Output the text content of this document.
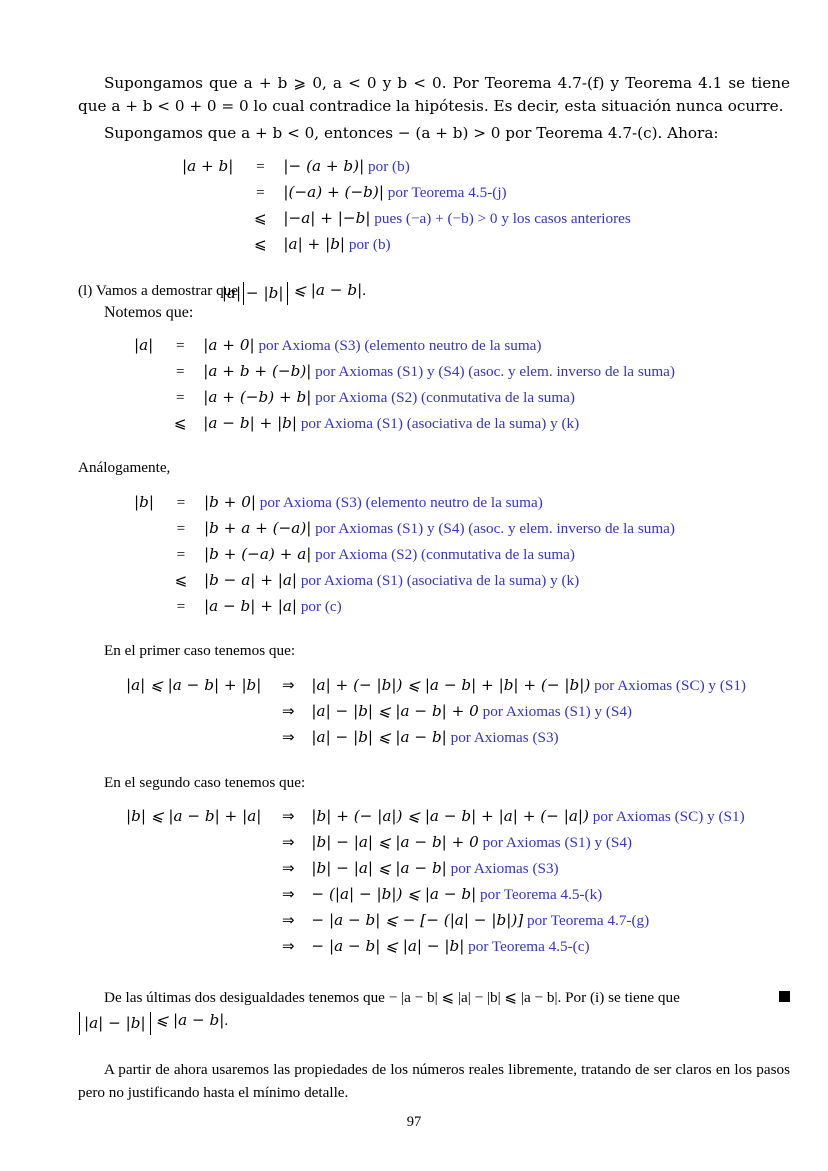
Supongamos que a + b ⩾ 0, a < 0 y b < 0. Por Teorema 4.7-(f) y Teorema 4.1 se tiene que a + b < 0 + 0 = 0 lo cual contradice la hipótesis. Es decir, esta situación nunca ocurre.

Supongamos que a + b < 0, entonces − (a + b) > 0 por Teorema 4.7-(c). Ahora:

|a + b|	=	|− (a + b)| por (b)
	=	|(−a) + (−b)| por Teorema 4.5-(j)
	⩽	|−a| + |−b| pues (−a) + (−b) > 0 y los casos anteriores
	⩽	|a| + |b| por (b)
(l) Vamos a demostrar que |a| − |b| ⩽ |a − b|.
Notemos que:
|a|	=	|a + 0| por Axioma (S3) (elemento neutro de la suma)
	=	|a + b + (−b)| por Axiomas (S1) y (S4) (asoc. y elem. inverso de la suma)
	=	|a + (−b) + b| por Axioma (S2) (conmutativa de la suma)
	⩽	|a − b| + |b| por Axioma (S1) (asociativa de la suma) y (k)

Análogamente,

|b|	=	|b + 0| por Axioma (S3) (elemento neutro de la suma)
	=	|b + a + (−a)| por Axiomas (S1) y (S4) (asoc. y elem. inverso de la suma)
	=	|b + (−a) + a| por Axioma (S2) (conmutativa de la suma)
	⩽	|b − a| + |a| por Axioma (S1) (asociativa de la suma) y (k)
	=	|a − b| + |a| por (c)

En el primer caso tenemos que:

|a| ⩽ |a − b| + |b|	⇒	|a| + (− |b|) ⩽ |a − b| + |b| + (− |b|) por Axiomas (SC) y (S1)
	⇒	|a| − |b| ⩽ |a − b| + 0 por Axiomas (S1) y (S4)
	⇒	|a| − |b| ⩽ |a − b| por Axiomas (S3)

En el segundo caso tenemos que:

|b| ⩽ |a − b| + |a|	⇒	|b| + (− |a|) ⩽ |a − b| + |a| + (− |a|) por Axiomas (SC) y (S1)
	⇒	|b| − |a| ⩽ |a − b| + 0 por Axiomas (S1) y (S4)
	⇒	|b| − |a| ⩽ |a − b| por Axiomas (S3)
	⇒	− (|a| − |b|) ⩽ |a − b| por Teorema 4.5-(k)
	⇒	− |a − b| ⩽ − [− (|a| − |b|)] por Teorema 4.7-(g)
	⇒	− |a − b| ⩽ |a| − |b| por Teorema 4.5-(c)

De las últimas dos desigualdades tenemos que − |a − b| ⩽ |a| − |b| ⩽ |a − b|. Por (i) se tiene que

|a| − |b| ⩽ |a − b|.

A partir de ahora usaremos las propiedades de los números reales libremente, tratando de ser claros en los pasos pero no justificando hasta el mínimo detalle.

97
